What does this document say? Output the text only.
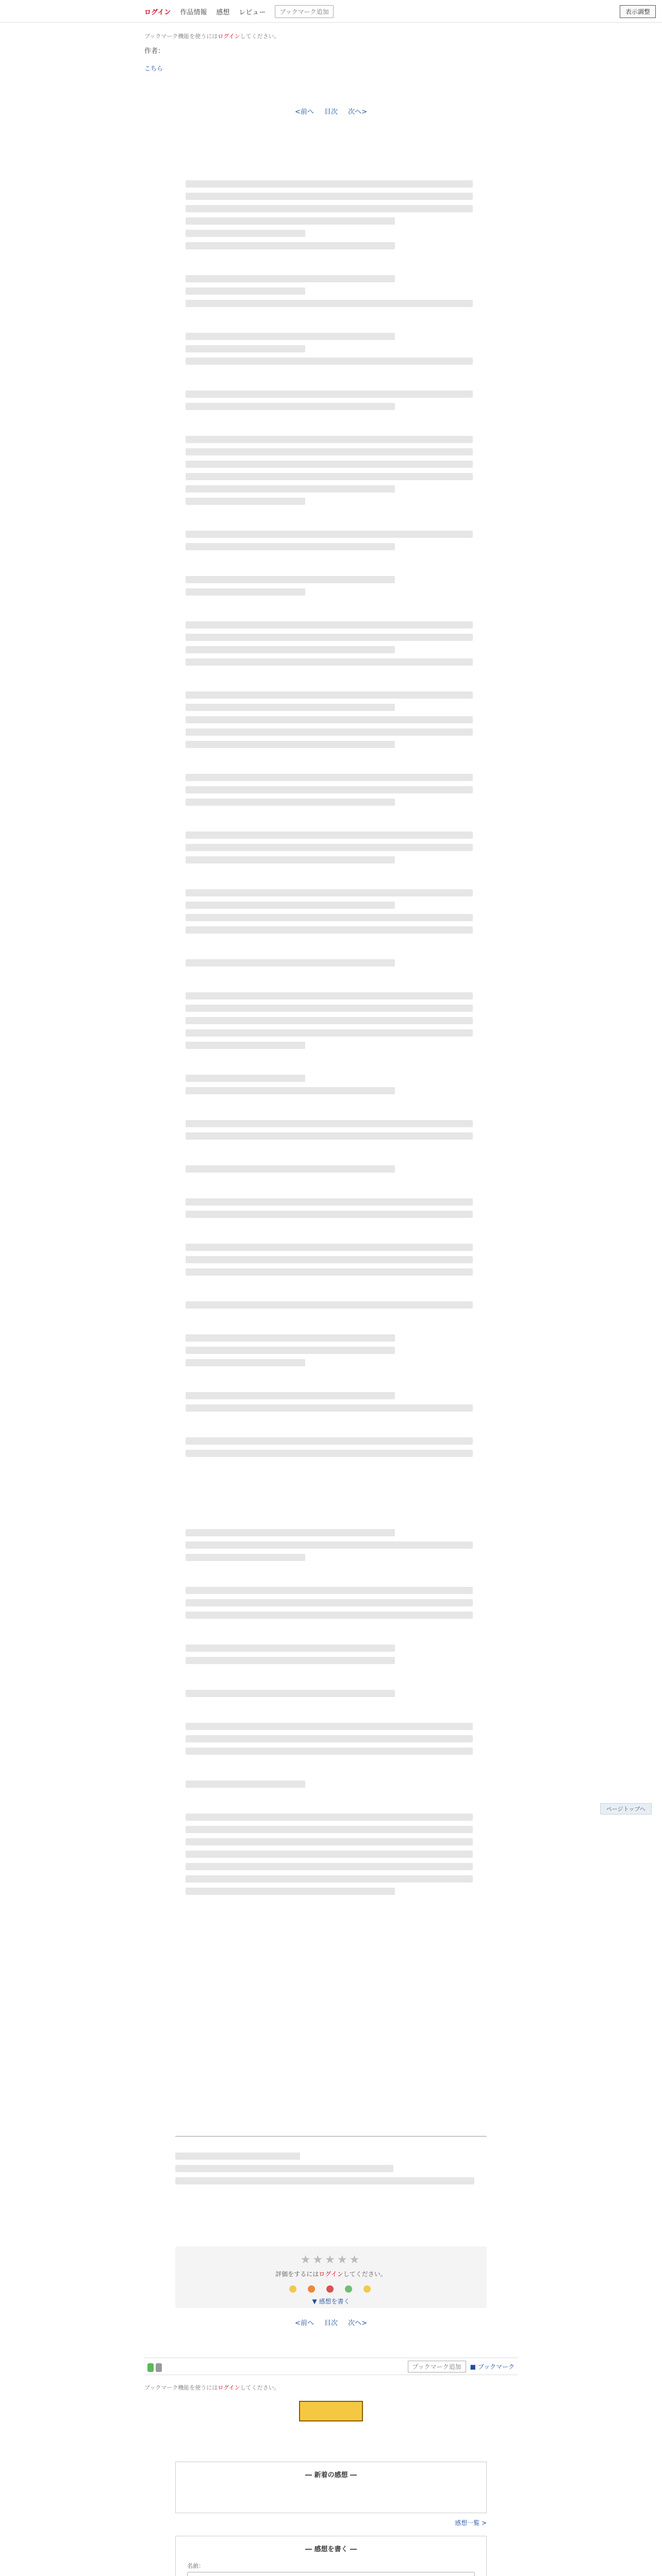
ログイン 作品情報 感想 レビュー	ブックマーク追加	表示調整
ブックマーク機能を使うにはログインしてください。
作者：
こちら
<前へ 目次 次へ>
★★★★★
評価をするにはログインしてください。
▼ 感想を書く
<前へ 目次 次へ>
ブックマーク追加	■ ブックマーク
ブックマーク機能を使うにはログインしてください。
― 新着の感想 ―
感想一覧 >
― 感想を書く ―
名前：
ページトップへ
